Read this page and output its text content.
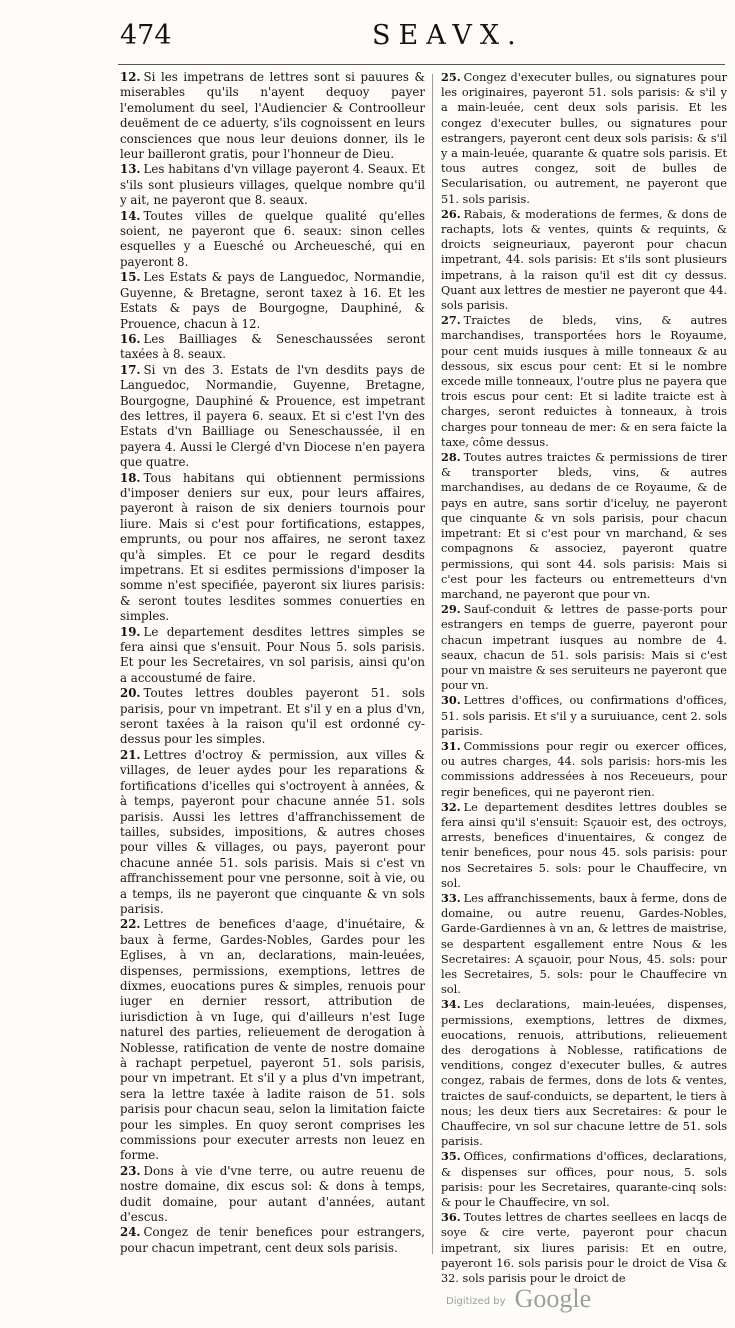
474	SEAVX.

12. Si les impetrans de lettres sont si pauures & miserables qu'ils n'ayent dequoy payer l'emolument du seel, l'Audiencier & Controolleur deuëment de ce aduerty, s'ils cognoissent en leurs consciences que nous leur deuions donner, ils le leur bailleront gratis, pour l'honneur de Dieu.

13. Les habitans d'vn village payeront 4. Seaux. Et s'ils sont plusieurs villages, quelque nombre qu'il y ait, ne payeront que 8. seaux.

14. Toutes villes de quelque qualité qu'elles soient, ne payeront que 6. seaux: sinon celles esquelles y a Euesché ou Archeuesché, qui en payeront 8.

15. Les Estats & pays de Languedoc, Normandie, Guyenne, & Bretagne, seront taxez à 16. Et les Estats & pays de Bourgogne, Dauphiné, & Prouence, chacun à 12.

16. Les Bailliages & Seneschaussées seront taxées à 8. seaux.

17. Si vn des 3. Estats de l'vn desdits pays de Languedoc, Normandie, Guyenne, Bretagne, Bourgogne, Dauphiné & Prouence, est impetrant des lettres, il payera 6. seaux. Et si c'est l'vn des Estats d'vn Bailliage ou Seneschaussée, il en payera 4. Aussi le Clergé d'vn Diocese n'en payera que quatre.

18. Tous habitans qui obtiennent permissions d'imposer deniers sur eux, pour leurs affaires, payeront à raison de six deniers tournois pour liure. Mais si c'est pour fortifications, estappes, emprunts, ou pour nos affaires, ne seront taxez qu'à simples. Et ce pour le regard desdits impetrans. Et si esdites permissions d'imposer la somme n'est specifiée, payeront six liures parisis: & seront toutes lesdites sommes conuerties en simples.

19. Le departement desdites lettres simples se fera ainsi que s'ensuit. Pour Nous 5. sols parisis. Et pour les Secretaires, vn sol parisis, ainsi qu'on a accoustumé de faire.

20. Toutes lettres doubles payeront 51. sols parisis, pour vn impetrant. Et s'il y en a plus d'vn, seront taxées à la raison qu'il est ordonné cy-dessus pour les simples.

21. Lettres d'octroy & permission, aux villes & villages, de leuer aydes pour les reparations & fortifications d'icelles qui s'octroyent à années, & à temps, payeront pour chacune année 51. sols parisis. Aussi les lettres d'affranchissement de tailles, subsides, impositions, & autres choses pour villes & villages, ou pays, payeront pour chacune année 51. sols parisis. Mais si c'est vn affranchissement pour vne personne, soit à vie, ou a temps, ils ne payeront que cinquante & vn sols parisis.

22. Lettres de benefices d'aage, d'inuétaire, & baux à ferme, Gardes-Nobles, Gardes pour les Eglises, à vn an, declarations, main-leuées, dispenses, permissions, exemptions, lettres de dixmes, euocations pures & simples, renuois pour iuger en dernier ressort, attribution de iurisdiction à vn Iuge, qui d'ailleurs n'est Iuge naturel des parties, relieuement de derogation à Noblesse, ratification de vente de nostre domaine à rachapt perpetuel, payeront 51. sols parisis, pour vn impetrant. Et s'il y a plus d'vn impetrant, sera la lettre taxée à ladite raison de 51. sols parisis pour chacun seau, selon la limitation faicte pour les simples. En quoy seront comprises les commissions pour executer arrests non leuez en forme.

23. Dons à vie d'vne terre, ou autre reuenu de nostre domaine, dix escus sol: & dons à temps, dudit domaine, pour autant d'années, autant d'escus.

24. Congez de tenir benefices pour estrangers, pour chacun impetrant, cent deux sols parisis.

25. Congez d'executer bulles, ou signatures pour les originaires, payeront 51. sols parisis: & s'il y a main-leuée, cent deux sols parisis. Et les congez d'executer bulles, ou signatures pour estrangers, payeront cent deux sols parisis: & s'il y a main-leuée, quarante & quatre sols parisis. Et tous autres congez, soit de bulles de Secularisation, ou autrement, ne payeront que 51. sols parisis.

26. Rabais, & moderations de fermes, & dons de rachapts, lots & ventes, quints & requints, & droicts seigneuriaux, payeront pour chacun impetrant, 44. sols parisis: Et s'ils sont plusieurs impetrans, à la raison qu'il est dit cy dessus. Quant aux lettres de mestier ne payeront que 44. sols parisis.

27. Traictes de bleds, vins, & autres marchandises, transportées hors le Royaume, pour cent muids iusques à mille tonneaux & au dessous, six escus pour cent: Et si le nombre excede mille tonneaux, l'outre plus ne payera que trois escus pour cent: Et si ladite traicte est à charges, seront reduictes à tonneaux, à trois charges pour tonneau de mer: & en sera faicte la taxe, côme dessus.

28. Toutes autres traictes & permissions de tirer & transporter bleds, vins, & autres marchandises, au dedans de ce Royaume, & de pays en autre, sans sortir d'iceluy, ne payeront que cinquante & vn sols parisis, pour chacun impetrant: Et si c'est pour vn marchand, & ses compagnons & associez, payeront quatre permissions, qui sont 44. sols parisis: Mais si c'est pour les facteurs ou entremetteurs d'vn marchand, ne payeront que pour vn.

29. Sauf-conduit & lettres de passe-ports pour estrangers en temps de guerre, payeront pour chacun impetrant iusques au nombre de 4. seaux, chacun de 51. sols parisis: Mais si c'est pour vn maistre & ses seruiteurs ne payeront que pour vn.

30. Lettres d'offices, ou confirmations d'offices, 51. sols parisis. Et s'il y a suruiuance, cent 2. sols parisis.

31. Commissions pour regir ou exercer offices, ou autres charges, 44. sols parisis: hors-mis les commissions addressées à nos Receueurs, pour regir benefices, qui ne payeront rien.

32. Le departement desdites lettres doubles se fera ainsi qu'il s'ensuit: Sçauoir est, des octroys, arrests, benefices d'inuentaires, & congez de tenir benefices, pour nous 45. sols parisis: pour nos Secretaires 5. sols: pour le Chauffecire, vn sol.

33. Les affranchissements, baux à ferme, dons de domaine, ou autre reuenu, Gardes-Nobles, Garde-Gardiennes à vn an, & lettres de maistrise, se despartent esgallement entre Nous & les Secretaires: A sçauoir, pour Nous, 45. sols: pour les Secretaires, 5. sols: pour le Chauffecire vn sol.

34. Les declarations, main-leuées, dispenses, permissions, exemptions, lettres de dixmes, euocations, renuois, attributions, relieuement des derogations à Noblesse, ratifications de venditions, congez d'executer bulles, & autres congez, rabais de fermes, dons de lots & ventes, traictes de sauf-conduicts, se departent, le tiers à nous; les deux tiers aux Secretaires: & pour le Chauffecire, vn sol sur chacune lettre de 51. sols parisis.

35. Offices, confirmations d'offices, declarations, & dispenses sur offices, pour nous, 5. sols parisis: pour les Secretaires, quarante-cinq sols: & pour le Chauffecire, vn sol.

36. Toutes lettres de chartes seellees en lacqs de soye & cire verte, payeront pour chacun impetrant, six liures parisis: Et en outre, payeront 16. sols parisis pour le droict de Visa & 32. sols parisis pour le droict de

Digitized by Google
